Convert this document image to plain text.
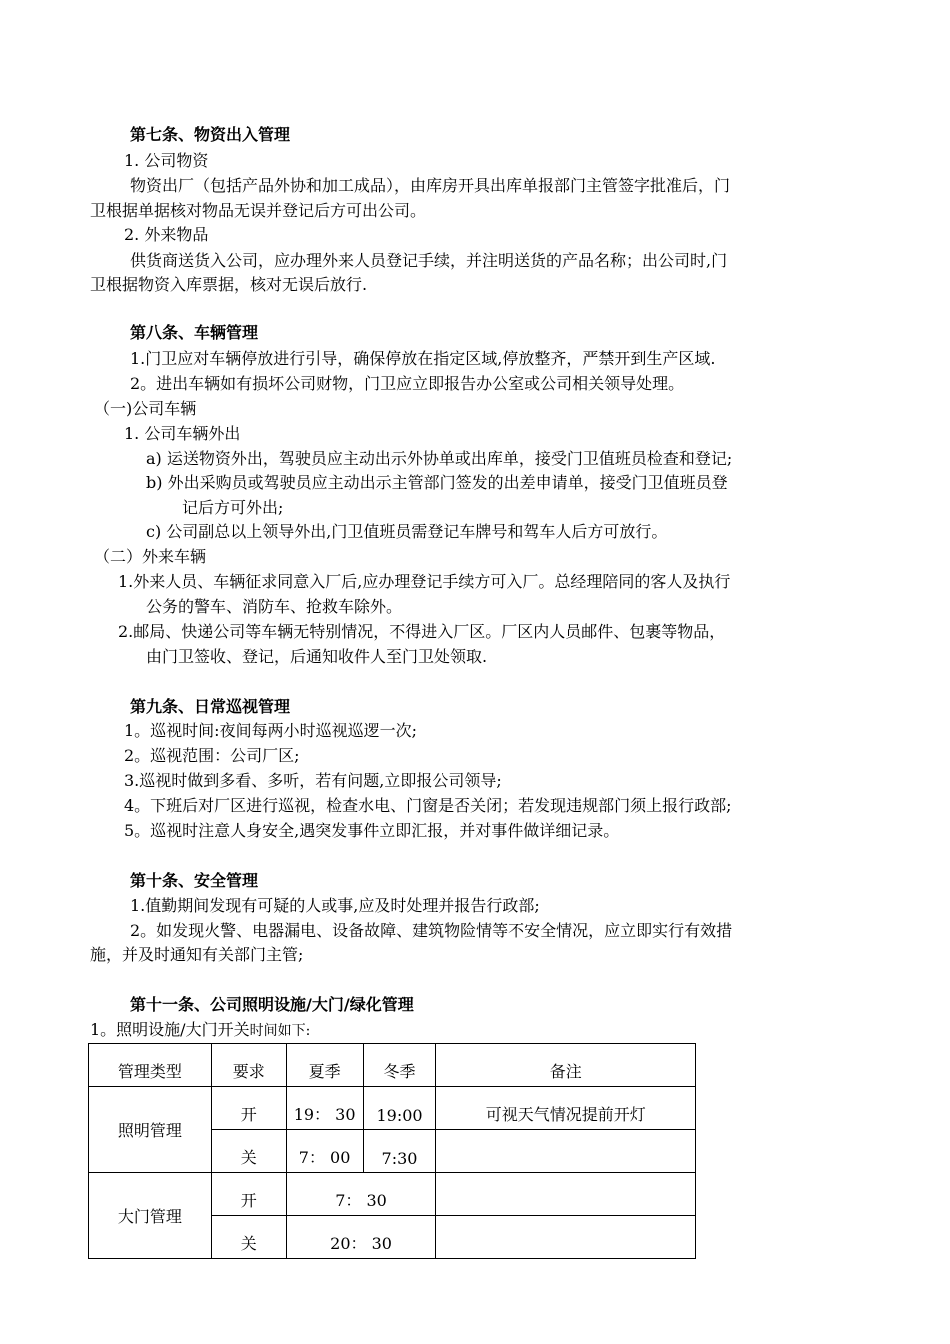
第七条、物资出入管理
1. 公司物资
物资出厂（包括产品外协和加工成品），由库房开具出库单报部门主管签字批准后，门
卫根据单据核对物品无误并登记后方可出公司。
2. 外来物品
供货商送货入公司，应办理外来人员登记手续，并注明送货的产品名称；出公司时,门
卫根据物资入库票据，核对无误后放行.
第八条、车辆管理
1.门卫应对车辆停放进行引导，确保停放在指定区域,停放整齐，严禁开到生产区域.
2。进出车辆如有损坏公司财物，门卫应立即报告办公室或公司相关领导处理。
（一)公司车辆
1. 公司车辆外出
a) 运送物资外出，驾驶员应主动出示外协单或出库单，接受门卫值班员检查和登记;
b) 外出采购员或驾驶员应主动出示主管部门签发的出差申请单，接受门卫值班员登
记后方可外出;
c) 公司副总以上领导外出,门卫值班员需登记车牌号和驾车人后方可放行。
（二）外来车辆
1.外来人员、车辆征求同意入厂后,应办理登记手续方可入厂。总经理陪同的客人及执行
公务的警车、消防车、抢救车除外。
2.邮局、快递公司等车辆无特别情况，不得进入厂区。厂区内人员邮件、包裹等物品，
由门卫签收、登记，后通知收件人至门卫处领取.
第九条、日常巡视管理
1。巡视时间:夜间每两小时巡视巡逻一次;
2。巡视范围：公司厂区;
3.巡视时做到多看、多听，若有问题,立即报公司领导;
4。下班后对厂区进行巡视，检查水电、门窗是否关闭；若发现违规部门须上报行政部;
5。巡视时注意人身安全,遇突发事件立即汇报，并对事件做详细记录。
第十条、安全管理
1.值勤期间发现有可疑的人或事,应及时处理并报告行政部;
2。如发现火警、电器漏电、设备故障、建筑物险情等不安全情况，应立即实行有效措
施，并及时通知有关部门主管;
第十一条、公司照明设施/大门/绿化管理
1。照明设施/大门开关时间如下:
管理类型	要求	夏季	冬季	备注
照明管理	开	19： 30	19:00	可视天气情况提前开灯
	关	7： 00	7:30	
大门管理	开	7： 30		
	关	20： 30		
